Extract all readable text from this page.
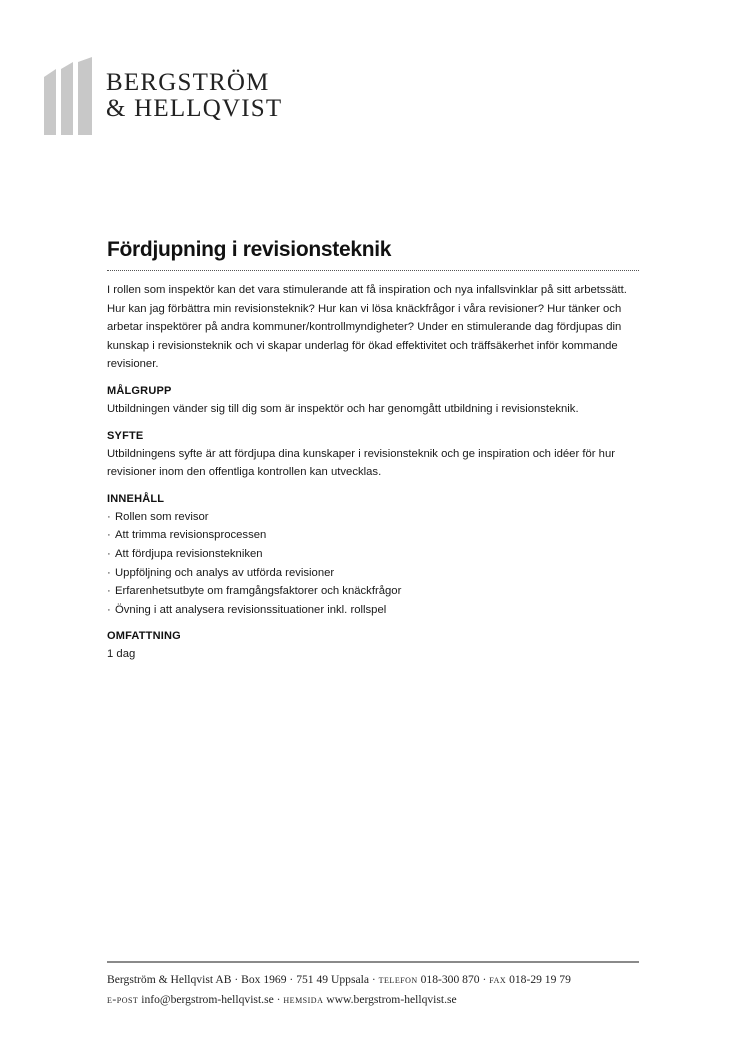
BERGSTRÖM
& HELLQVIST
Fördjupning i revisionsteknik

I rollen som inspektör kan det vara stimulerande att få inspiration och nya infallsvinklar på sitt arbetssätt. Hur kan jag förbättra min revisionsteknik? Hur kan vi lösa knäckfrågor i våra revisioner? Hur tänker och arbetar inspektörer på andra kommuner/kontrollmyndigheter? Under en stimulerande dag fördjupas din kunskap i revisionsteknik och vi skapar underlag för ökad effektivitet och träffsäkerhet inför kommande revisioner.

MÅLGRUPP

Utbildningen vänder sig till dig som är inspektör och har genomgått utbildning i revisionsteknik.

SYFTE

Utbildningens syfte är att fördjupa dina kunskaper i revisionsteknik och ge inspiration och idéer för hur revisioner inom den offentliga kontrollen kan utvecklas.

INNEHÅLL
· Rollen som revisor
· Att trimma revisionsprocessen
· Att fördjupa revisionstekniken
· Uppföljning och analys av utförda revisioner
· Erfarenhetsutbyte om framgångsfaktorer och knäckfrågor
· Övning i att analysera revisionssituationer inkl. rollspel
OMFATTNING

1 dag

Bergström & Hellqvist AB · Box 1969 · 751 49 Uppsala · telefon 018-300 870 · fax 018-29 19 79
e-post info@bergstrom-hellqvist.se · hemsida www.bergstrom-hellqvist.se
